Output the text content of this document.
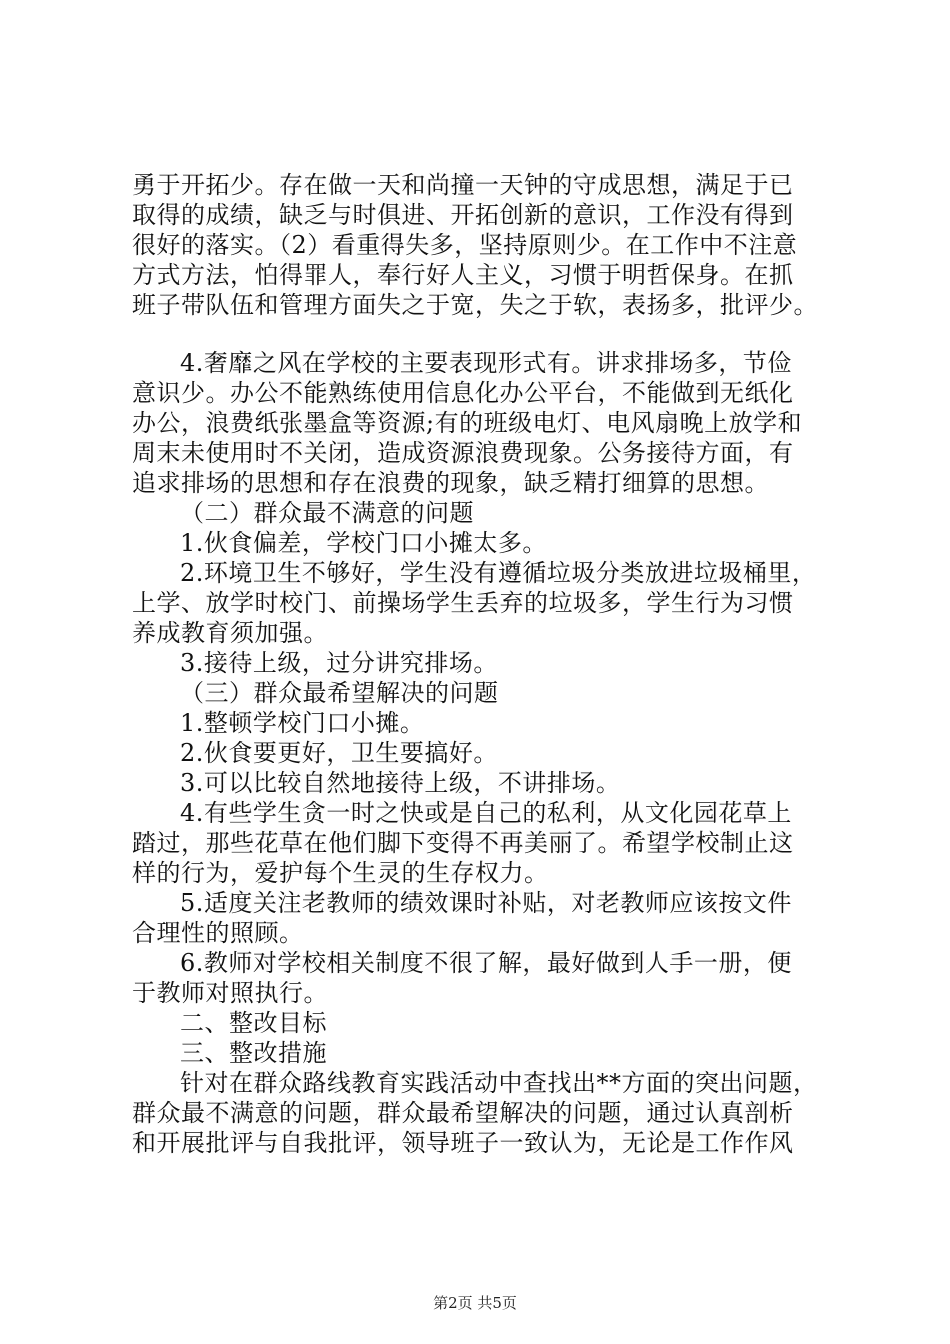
勇于开拓少。存在做一天和尚撞一天钟的守成思想，满足于已
取得的成绩，缺乏与时俱进、开拓创新的意识，工作没有得到
很好的落实。（2）看重得失多，坚持原则少。在工作中不注意
方式方法，怕得罪人，奉行好人主义，习惯于明哲保身。在抓
班子带队伍和管理方面失之于宽，失之于软，表扬多，批评少。
4.奢靡之风在学校的主要表现形式有。讲求排场多，节俭
意识少。办公不能熟练使用信息化办公平台，不能做到无纸化
办公，浪费纸张墨盒等资源;有的班级电灯、电风扇晚上放学和
周末未使用时不关闭，造成资源浪费现象。公务接待方面，有
追求排场的思想和存在浪费的现象，缺乏精打细算的思想。
（二）群众最不满意的问题
1.伙食偏差，学校门口小摊太多。
2.环境卫生不够好，学生没有遵循垃圾分类放进垃圾桶里，
上学、放学时校门、前操场学生丢弃的垃圾多，学生行为习惯
养成教育须加强。
3.接待上级，过分讲究排场。
（三）群众最希望解决的问题
1.整顿学校门口小摊。
2.伙食要更好，卫生要搞好。
3.可以比较自然地接待上级，不讲排场。
4.有些学生贪一时之快或是自己的私利，从文化园花草上
踏过，那些花草在他们脚下变得不再美丽了。希望学校制止这
样的行为，爱护每个生灵的生存权力。
5.适度关注老教师的绩效课时补贴，对老教师应该按文件
合理性的照顾。
6.教师对学校相关制度不很了解，最好做到人手一册，便
于教师对照执行。
二、整改目标
三、整改措施
针对在群众路线教育实践活动中查找出**方面的突出问题，
群众最不满意的问题，群众最希望解决的问题，通过认真剖析
和开展批评与自我批评，领导班子一致认为，无论是工作作风
第2页 共5页
